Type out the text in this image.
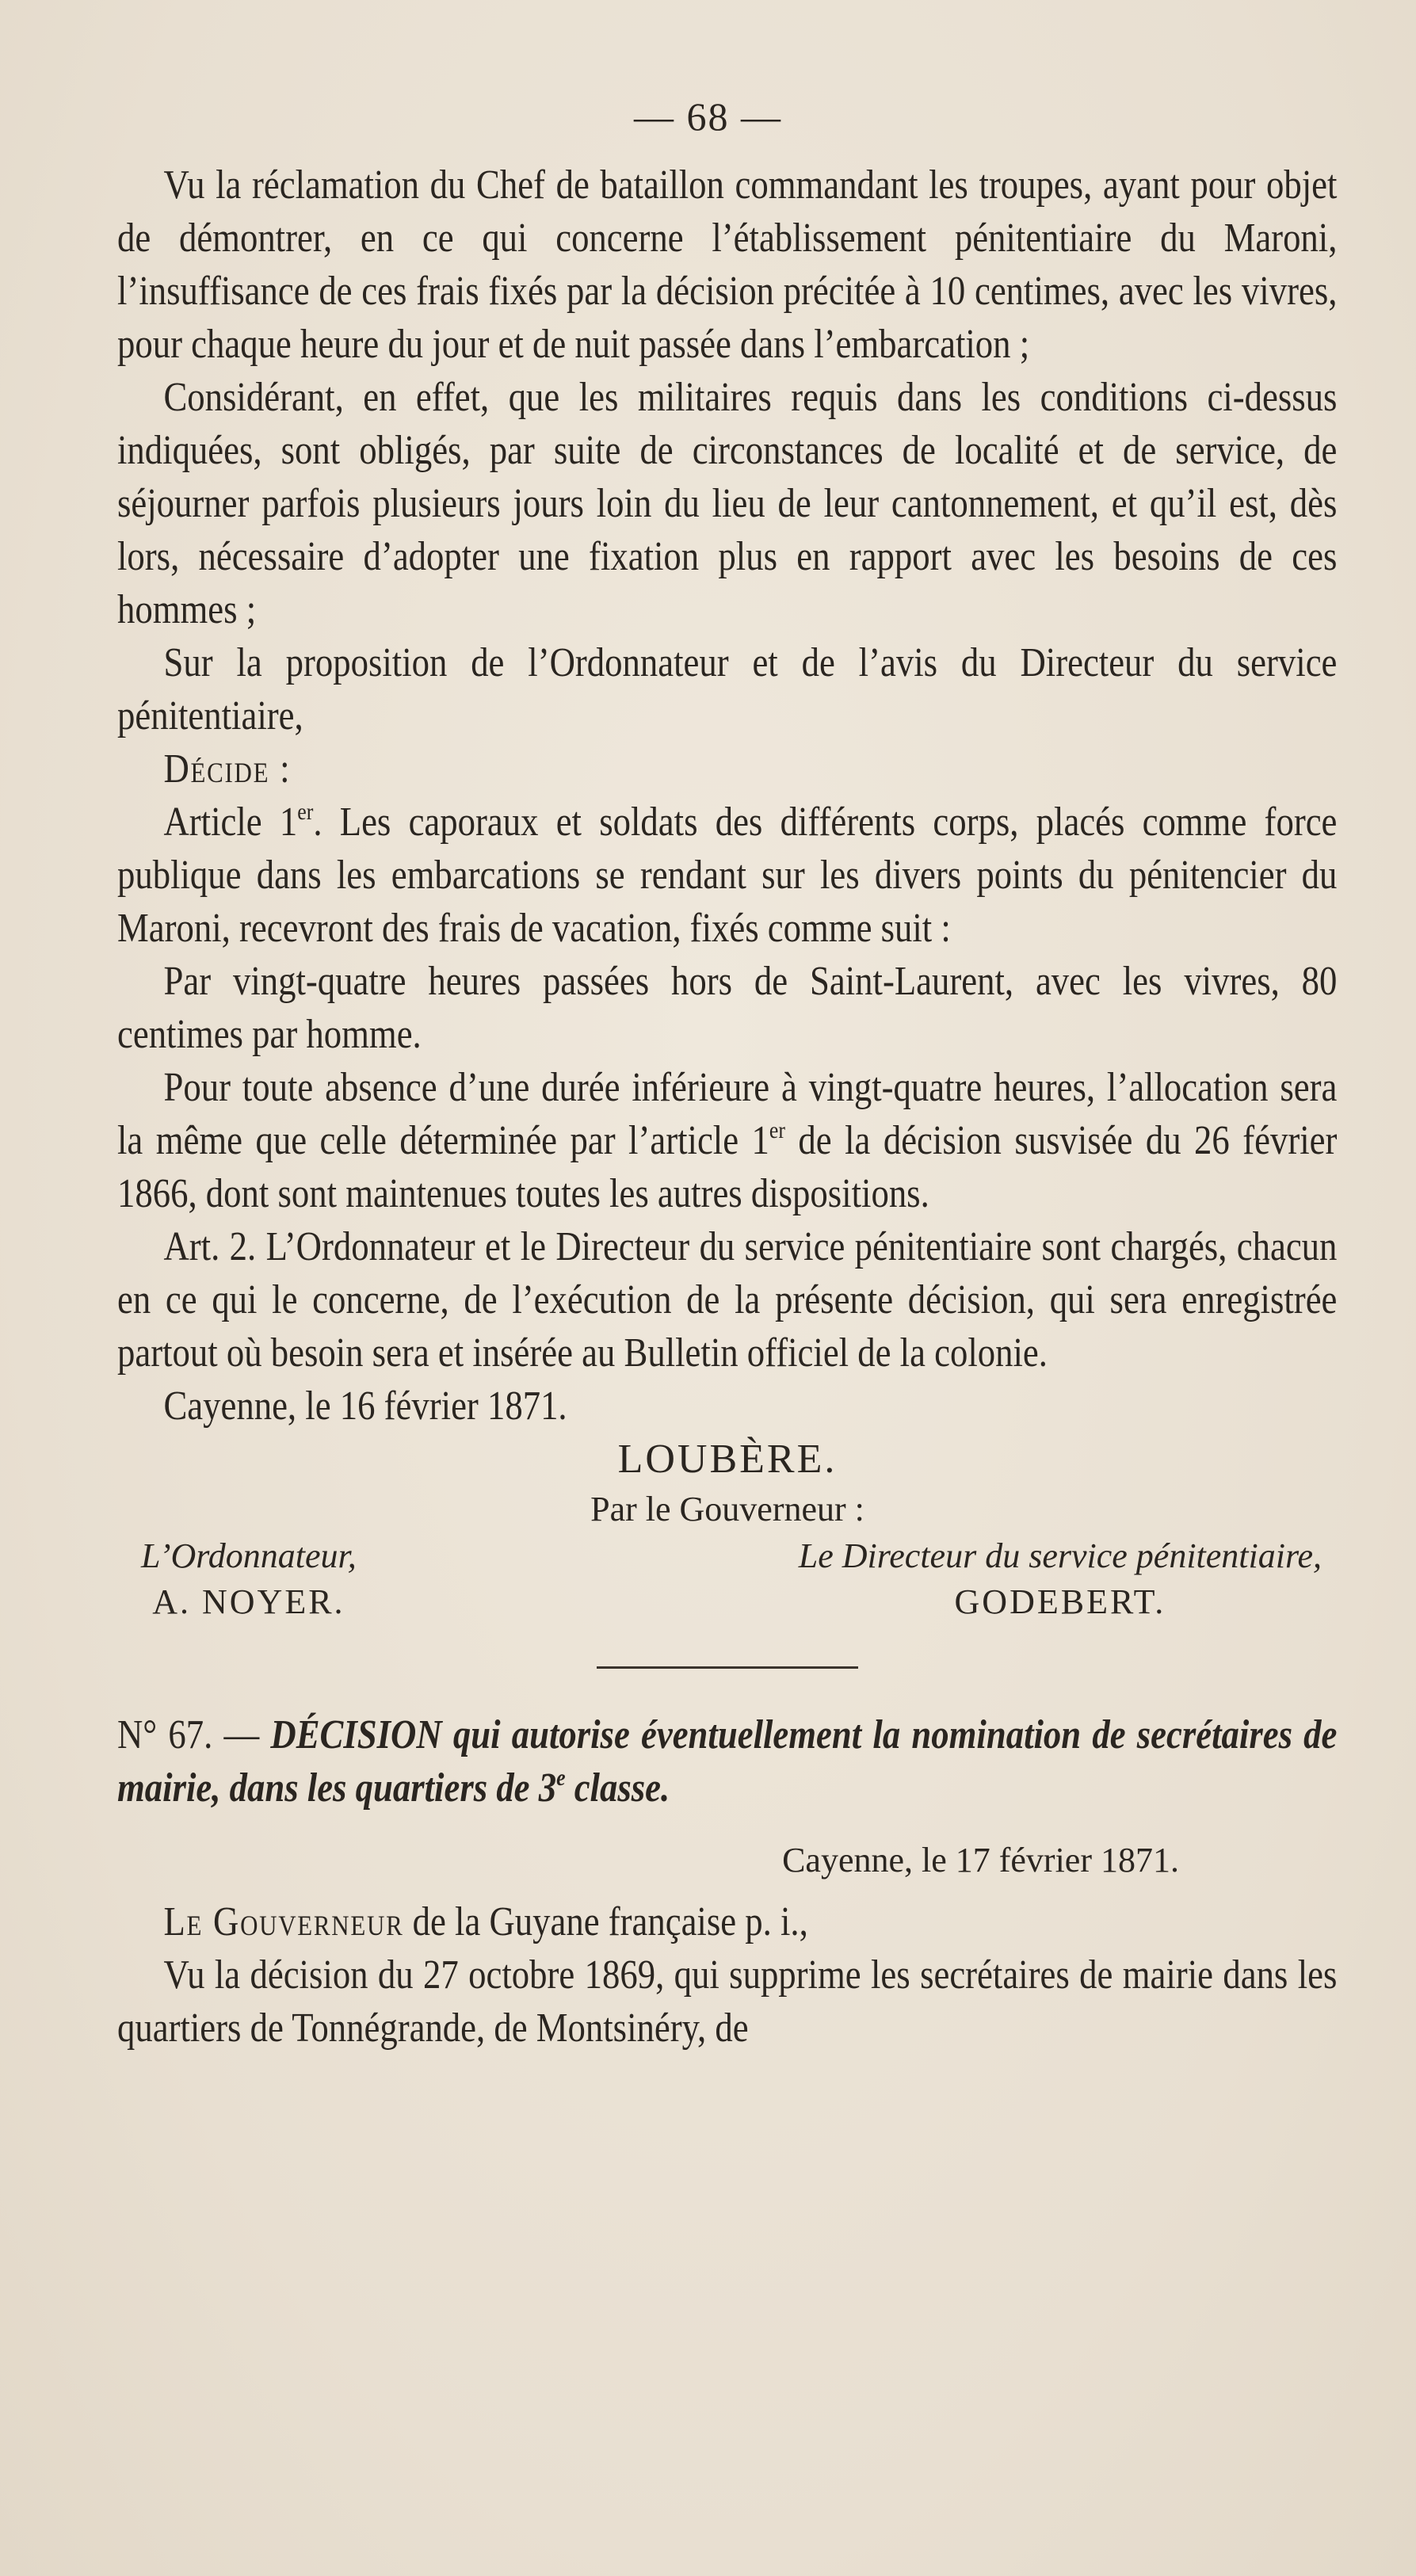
— 68 —

Vu la réclamation du Chef de bataillon commandant les troupes, ayant pour objet de démontrer, en ce qui concerne l’établissement pénitentiaire du Maroni, l’insuffisance de ces frais fixés par la décision précitée à 10 centimes, avec les vivres, pour chaque heure du jour et de nuit passée dans l’embarcation ;

Considérant, en effet, que les militaires requis dans les conditions ci-dessus indiquées, sont obligés, par suite de circonstances de localité et de service, de séjourner parfois plusieurs jours loin du lieu de leur cantonnement, et qu’il est, dès lors, nécessaire d’adopter une fixation plus en rapport avec les besoins de ces hommes ;

Sur la proposition de l’Ordonnateur et de l’avis du Directeur du service pénitentiaire,

Décide :

Article 1er. Les caporaux et soldats des différents corps, placés comme force publique dans les embarcations se rendant sur les divers points du pénitencier du Maroni, recevront des frais de vacation, fixés comme suit :

Par vingt-quatre heures passées hors de Saint-Laurent, avec les vivres, 80 centimes par homme.

Pour toute absence d’une durée inférieure à vingt-quatre heures, l’allocation sera la même que celle déterminée par l’article 1er de la décision susvisée du 26 février 1866, dont sont maintenues toutes les autres dispositions.

Art. 2. L’Ordonnateur et le Directeur du service pénitentiaire sont chargés, chacun en ce qui le concerne, de l’exécution de la présente décision, qui sera enregistrée partout où besoin sera et insérée au Bulletin officiel de la colonie.

Cayenne, le 16 février 1871.

LOUBÈRE.

Par le Gouverneur :

L’Ordonnateur,
A. NOYER.
Le Directeur du service pénitentiaire,
GODEBERT.

N° 67. — DÉCISION qui autorise éventuellement la nomination de secrétaires de mairie, dans les quartiers de 3e classe.

Cayenne, le 17 février 1871.

Le Gouverneur de la Guyane française p. i.,

Vu la décision du 27 octobre 1869, qui supprime les secrétaires de mairie dans les quartiers de Tonnégrande, de Montsinéry, de
